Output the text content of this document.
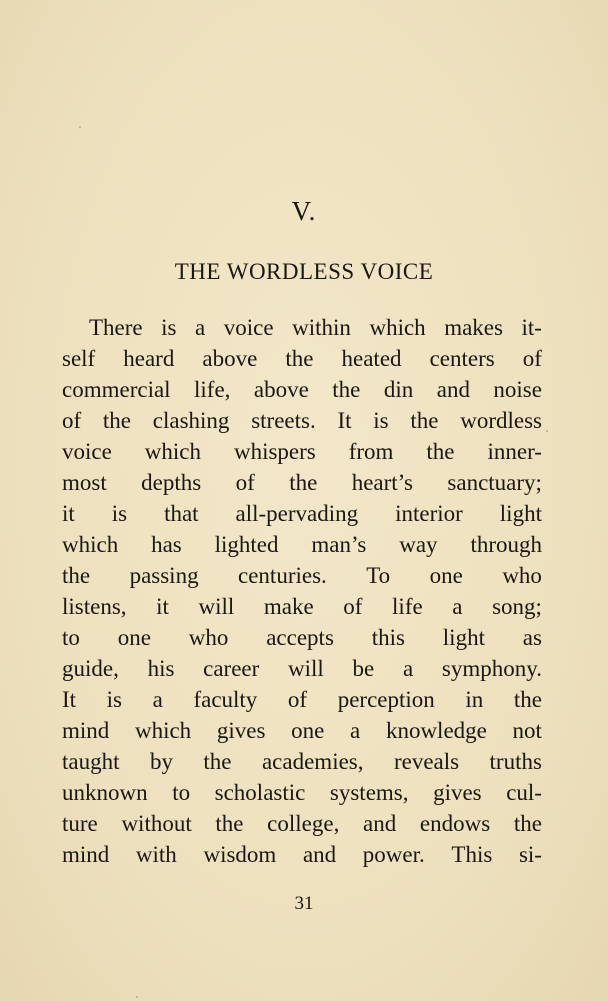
V.
THE WORDLESS VOICE
There is a voice within which makes it-
self heard above the heated centers of
commercial life, above the din and noise
of the clashing streets. It is the wordless
voice which whispers from the inner-
most depths of the heart’s sanctuary;
it is that all-pervading interior light
which has lighted man’s way through
the passing centuries. To one who
listens, it will make of life a song;
to one who accepts this light as
guide, his career will be a symphony.
It is a faculty of perception in the
mind which gives one a knowledge not
taught by the academies, reveals truths
unknown to scholastic systems, gives cul-
ture without the college, and endows the
mind with wisdom and power. This si-
31
